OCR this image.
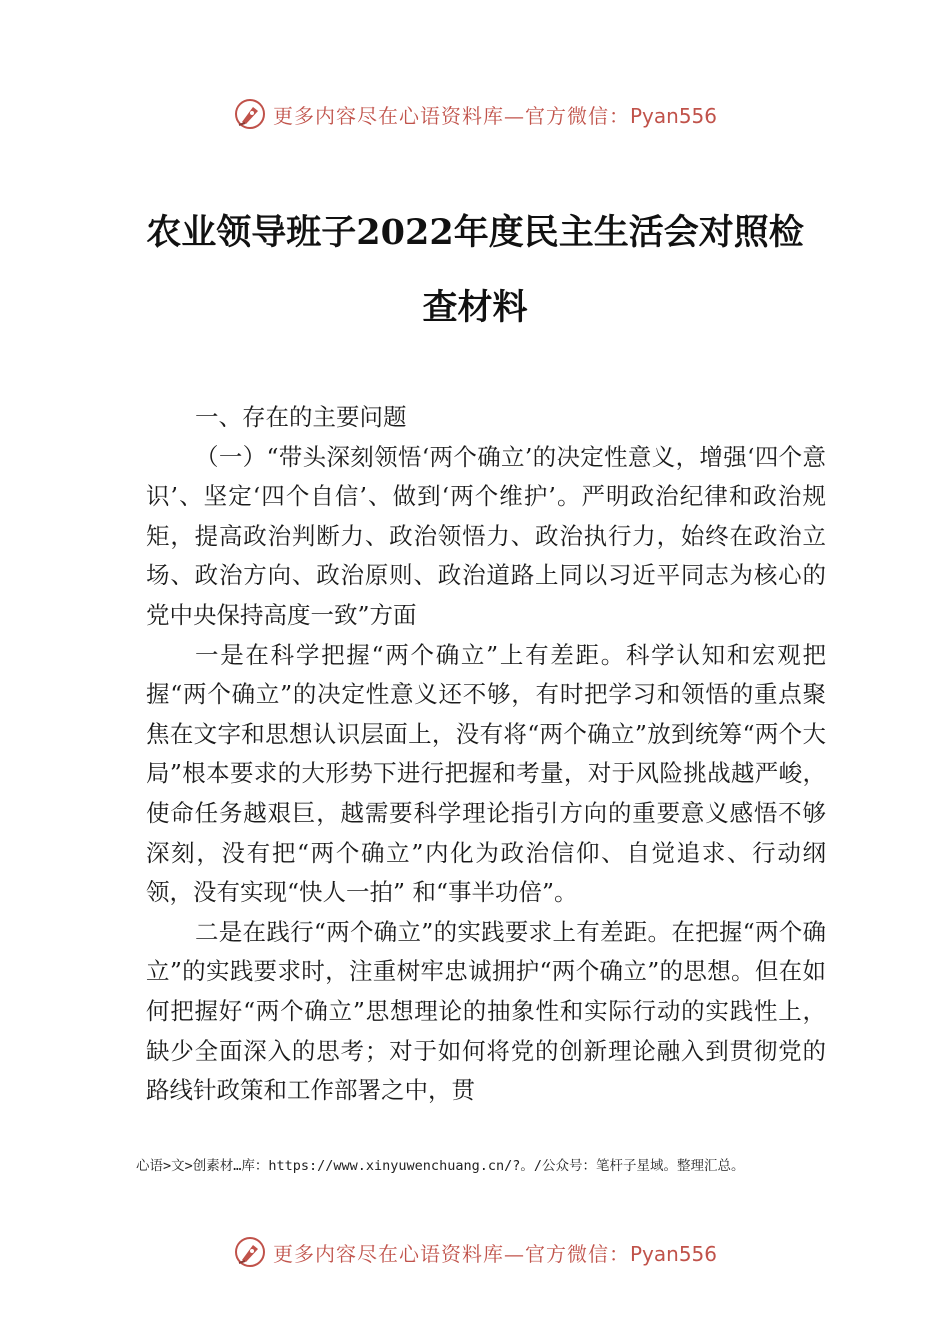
更多内容尽在心语资料库—官方微信：Pyan556
农业领导班子2022年度民主生活会对照检
查材料

一、存在的主要问题

（一）“带头深刻领悟‘两个确立’的决定性意义，增强‘四个意识’、坚定‘四个自信’、做到‘两个维护’。严明政治纪律和政治规矩，提高政治判断力、政治领悟力、政治执行力，始终在政治立场、政治方向、政治原则、政治道路上同以习近平同志为核心的党中央保持高度一致”方面

一是在科学把握“两个确立”上有差距。科学认知和宏观把握“两个确立”的决定性意义还不够，有时把学习和领悟的重点聚焦在文字和思想认识层面上，没有将“两个确立”放到统筹“两个大局”根本要求的大形势下进行把握和考量，对于风险挑战越严峻，使命任务越艰巨，越需要科学理论指引方向的重要意义感悟不够深刻，没有把“两个确立”内化为政治信仰、自觉追求、行动纲领，没有实现“快人一拍” 和“事半功倍”。

二是在践行“两个确立”的实践要求上有差距。在把握“两个确立”的实践要求时，注重树牢忠诚拥护“两个确立”的思想。但在如何把握好“两个确立”思想理论的抽象性和实际行动的实践性上，缺少全面深入的思考；对于如何将党的创新理论融入到贯彻党的路线针政策和工作部署之中，贯

心语>文>创素材…库：https://www.xinyuwenchuang.cn/?。/公众号：笔杆子星域。整理汇总。
更多内容尽在心语资料库—官方微信：Pyan556
